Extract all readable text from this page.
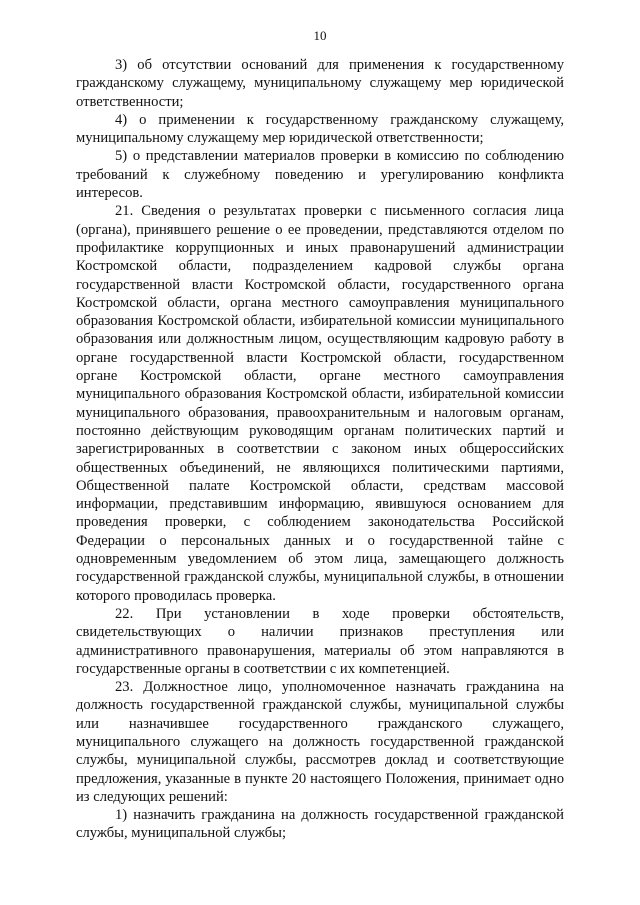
10

3) об отсутствии оснований для применения к государственному гражданскому служащему, муниципальному служащему мер юридической ответственности;

4) о применении к государственному гражданскому служащему, муниципальному служащему мер юридической ответственности;

5) о представлении материалов проверки в комиссию по соблюдению требований к служебному поведению и урегулированию конфликта интересов.

21. Сведения о результатах проверки с письменного согласия лица (органа), принявшего решение о ее проведении, представляются отделом по профилактике коррупционных и иных правонарушений администрации Костромской области, подразделением кадровой службы органа государственной власти Костромской области, государственного органа Костромской области, органа местного самоуправления муниципального образования Костромской области, избирательной комиссии муниципального образования или должностным лицом, осуществляющим кадровую работу в органе государственной власти Костромской области, государственном органе Костромской области, органе местного самоуправления муниципального образования Костромской области, избирательной комиссии муниципального образования, правоохранительным и налоговым органам, постоянно действующим руководящим органам политических партий и зарегистрированных в соответствии с законом иных общероссийских общественных объединений, не являющихся политическими партиями, Общественной палате Костромской области, средствам массовой информации, представившим информацию, явившуюся основанием для проведения проверки, с соблюдением законодательства Российской Федерации о персональных данных и о государственной тайне с одновременным уведомлением об этом лица, замещающего должность государственной гражданской службы, муниципальной службы, в отношении которого проводилась проверка.

22. При установлении в ходе проверки обстоятельств, свидетельствующих о наличии признаков преступления или административного правонарушения, материалы об этом направляются в государственные органы в соответствии с их компетенцией.

23. Должностное лицо, уполномоченное назначать гражданина на должность государственной гражданской службы, муниципальной службы или назначившее государственного гражданского служащего, муниципального служащего на должность государственной гражданской службы, муниципальной службы, рассмотрев доклад и соответствующие предложения, указанные в пункте 20 настоящего Положения, принимает одно из следующих решений:

1) назначить гражданина на должность государственной гражданской службы, муниципальной службы;
